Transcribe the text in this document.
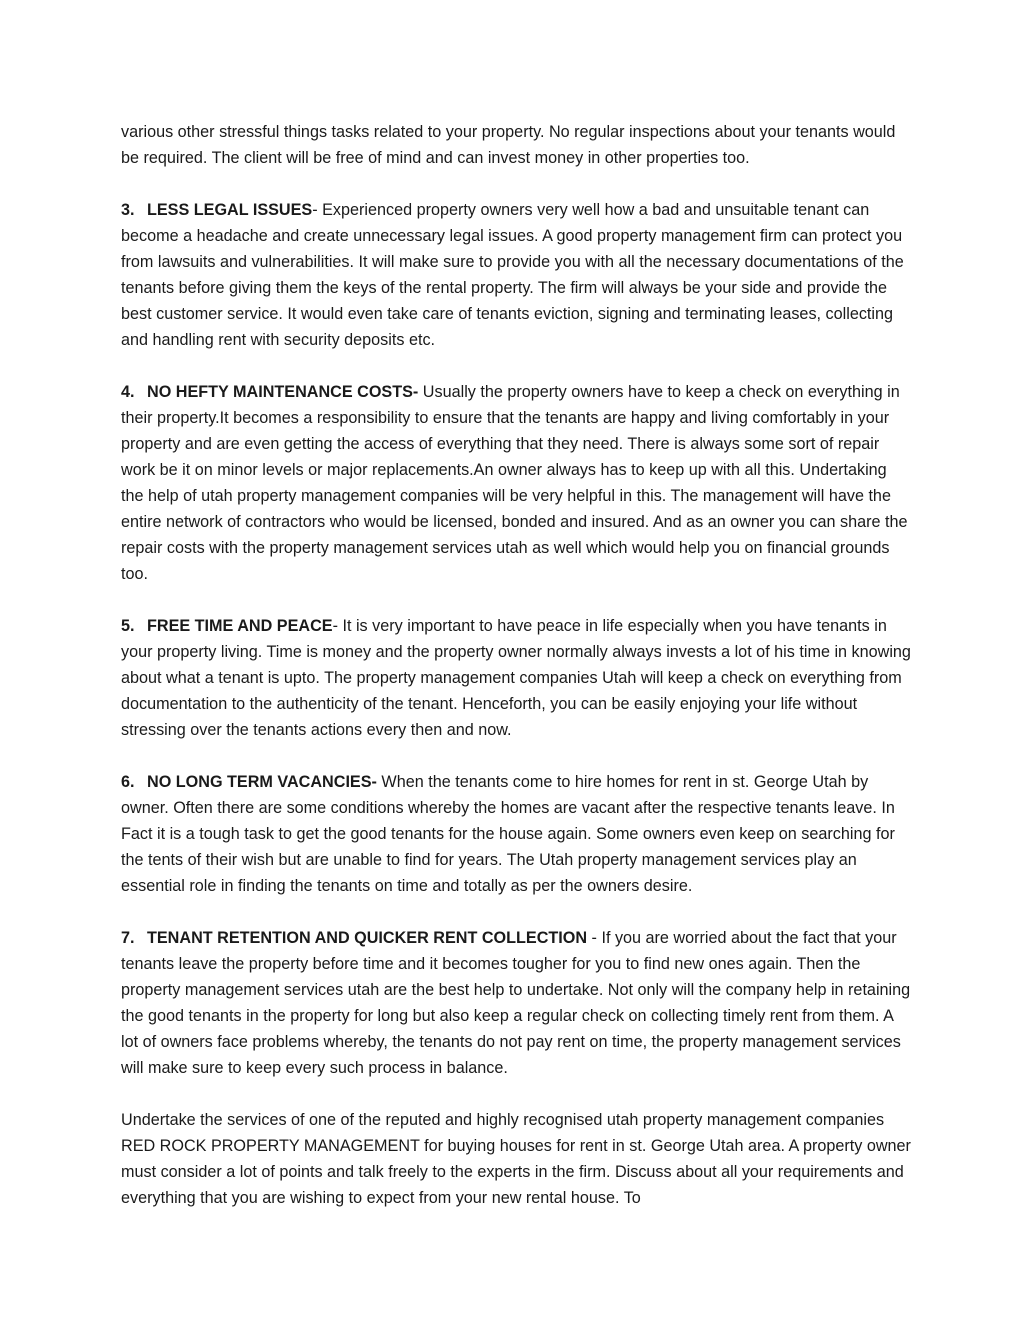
various other stressful things tasks related to your property. No regular inspections about your tenants would be required. The client will be free of mind and can invest money in other properties too.

3. LESS LEGAL ISSUES- Experienced property owners very well how a bad and unsuitable tenant can become a headache and create unnecessary legal issues. A good property management firm can protect you from lawsuits and vulnerabilities. It will make sure to provide you with all the necessary documentations of the tenants before giving them the keys of the rental property. The firm will always be your side and provide the best customer service. It would even take care of tenants eviction, signing and terminating leases, collecting and handling rent with security deposits etc.

4. NO HEFTY MAINTENANCE COSTS- Usually the property owners have to keep a check on everything in their property.It becomes a responsibility to ensure that the tenants are happy and living comfortably in your property and are even getting the access of everything that they need. There is always some sort of repair work be it on minor levels or major replacements.An owner always has to keep up with all this. Undertaking the help of utah property management companies will be very helpful in this. The management will have the entire network of contractors who would be licensed, bonded and insured. And as an owner you can share the repair costs with the property management services utah as well which would help you on financial grounds too.

5. FREE TIME AND PEACE- It is very important to have peace in life especially when you have tenants in your property living. Time is money and the property owner normally always invests a lot of his time in knowing about what a tenant is upto. The property management companies Utah will keep a check on everything from documentation to the authenticity of the tenant. Henceforth, you can be easily enjoying your life without stressing over the tenants actions every then and now.

6. NO LONG TERM VACANCIES- When the tenants come to hire homes for rent in st. George Utah by owner. Often there are some conditions whereby the homes are vacant after the respective tenants leave. In Fact it is a tough task to get the good tenants for the house again. Some owners even keep on searching for the tents of their wish but are unable to find for years. The Utah property management services play an essential role in finding the tenants on time and totally as per the owners desire.

7. TENANT RETENTION AND QUICKER RENT COLLECTION - If you are worried about the fact that your tenants leave the property before time and it becomes tougher for you to find new ones again. Then the property management services utah are the best help to undertake. Not only will the company help in retaining the good tenants in the property for long but also keep a regular check on collecting timely rent from them. A lot of owners face problems whereby, the tenants do not pay rent on time, the property management services will make sure to keep every such process in balance.

Undertake the services of one of the reputed and highly recognised utah property management companies RED ROCK PROPERTY MANAGEMENT for buying houses for rent in st. George Utah area. A property owner must consider a lot of points and talk freely to the experts in the firm. Discuss about all your requirements and everything that you are wishing to expect from your new rental house. To
